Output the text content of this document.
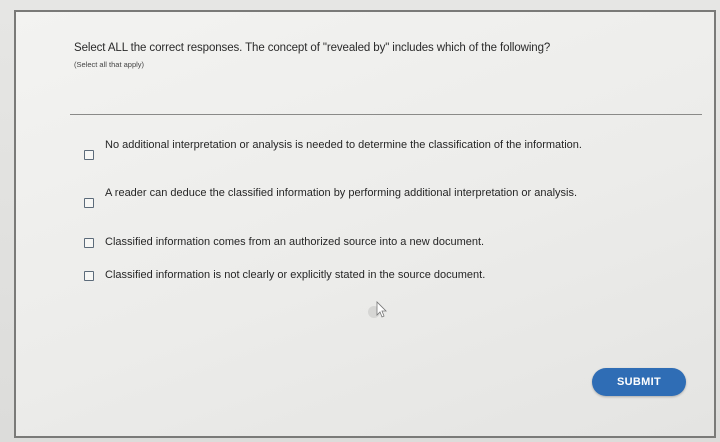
Select ALL the correct responses. The concept of "revealed by" includes which of the following?
(Select all that apply)
No additional interpretation or analysis is needed to determine the classification of the information.
A reader can deduce the classified information by performing additional interpretation or analysis.
Classified information comes from an authorized source into a new document.
Classified information is not clearly or explicitly stated in the source document.
SUBMIT
